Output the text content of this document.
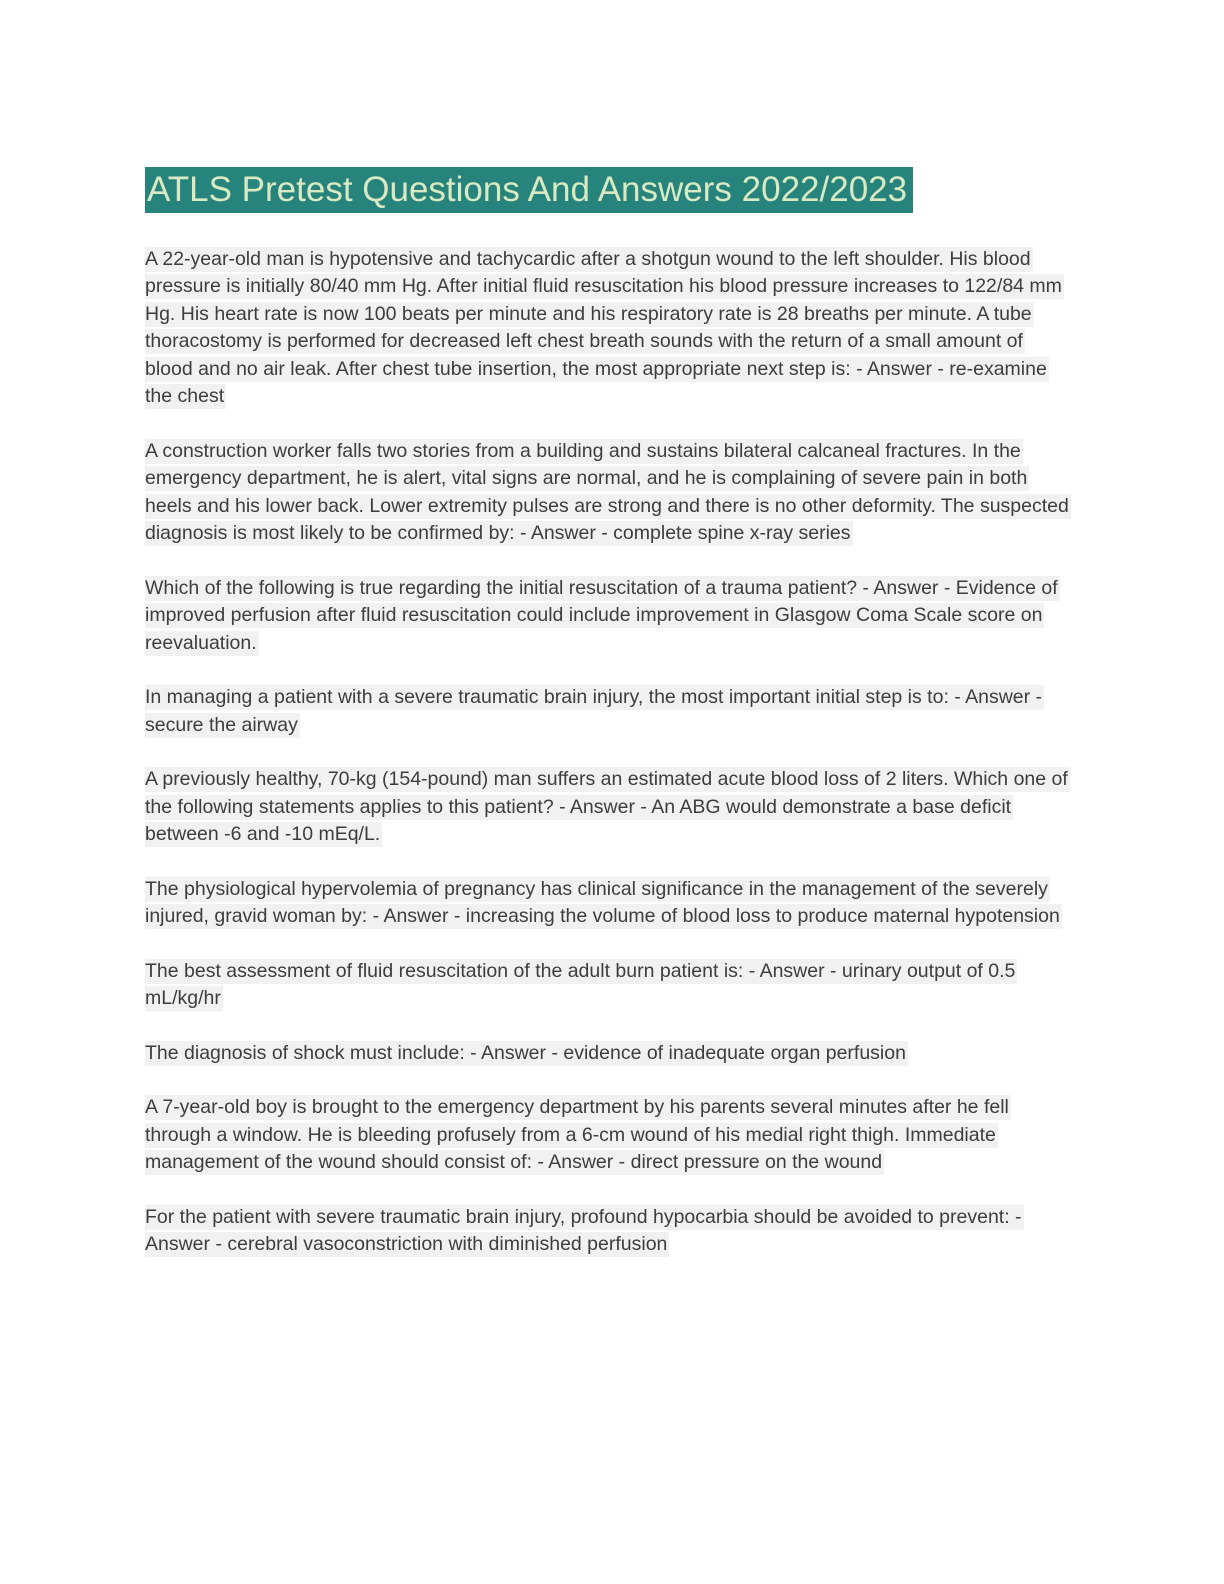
ATLS Pretest Questions And Answers 2022/2023

A 22-year-old man is hypotensive and tachycardic after a shotgun wound to the left shoulder. His blood pressure is initially 80/40 mm Hg. After initial fluid resuscitation his blood pressure increases to 122/84 mm Hg. His heart rate is now 100 beats per minute and his respiratory rate is 28 breaths per minute. A tube thoracostomy is performed for decreased left chest breath sounds with the return of a small amount of blood and no air leak. After chest tube insertion, the most appropriate next step is: - Answer - re-examine the chest

A construction worker falls two stories from a building and sustains bilateral calcaneal fractures. In the emergency department, he is alert, vital signs are normal, and he is complaining of severe pain in both heels and his lower back. Lower extremity pulses are strong and there is no other deformity. The suspected diagnosis is most likely to be confirmed by: - Answer - complete spine x-ray series

Which of the following is true regarding the initial resuscitation of a trauma patient? - Answer - Evidence of improved perfusion after fluid resuscitation could include improvement in Glasgow Coma Scale score on reevaluation.

In managing a patient with a severe traumatic brain injury, the most important initial step is to: - Answer - secure the airway

A previously healthy, 70-kg (154-pound) man suffers an estimated acute blood loss of 2 liters. Which one of the following statements applies to this patient? - Answer - An ABG would demonstrate a base deficit between -6 and -10 mEq/L.

The physiological hypervolemia of pregnancy has clinical significance in the management of the severely injured, gravid woman by: - Answer - increasing the volume of blood loss to produce maternal hypotension

The best assessment of fluid resuscitation of the adult burn patient is: - Answer - urinary output of 0.5 mL/kg/hr

The diagnosis of shock must include: - Answer - evidence of inadequate organ perfusion

A 7-year-old boy is brought to the emergency department by his parents several minutes after he fell through a window. He is bleeding profusely from a 6-cm wound of his medial right thigh. Immediate management of the wound should consist of: - Answer - direct pressure on the wound

For the patient with severe traumatic brain injury, profound hypocarbia should be avoided to prevent: - Answer - cerebral vasoconstriction with diminished perfusion
